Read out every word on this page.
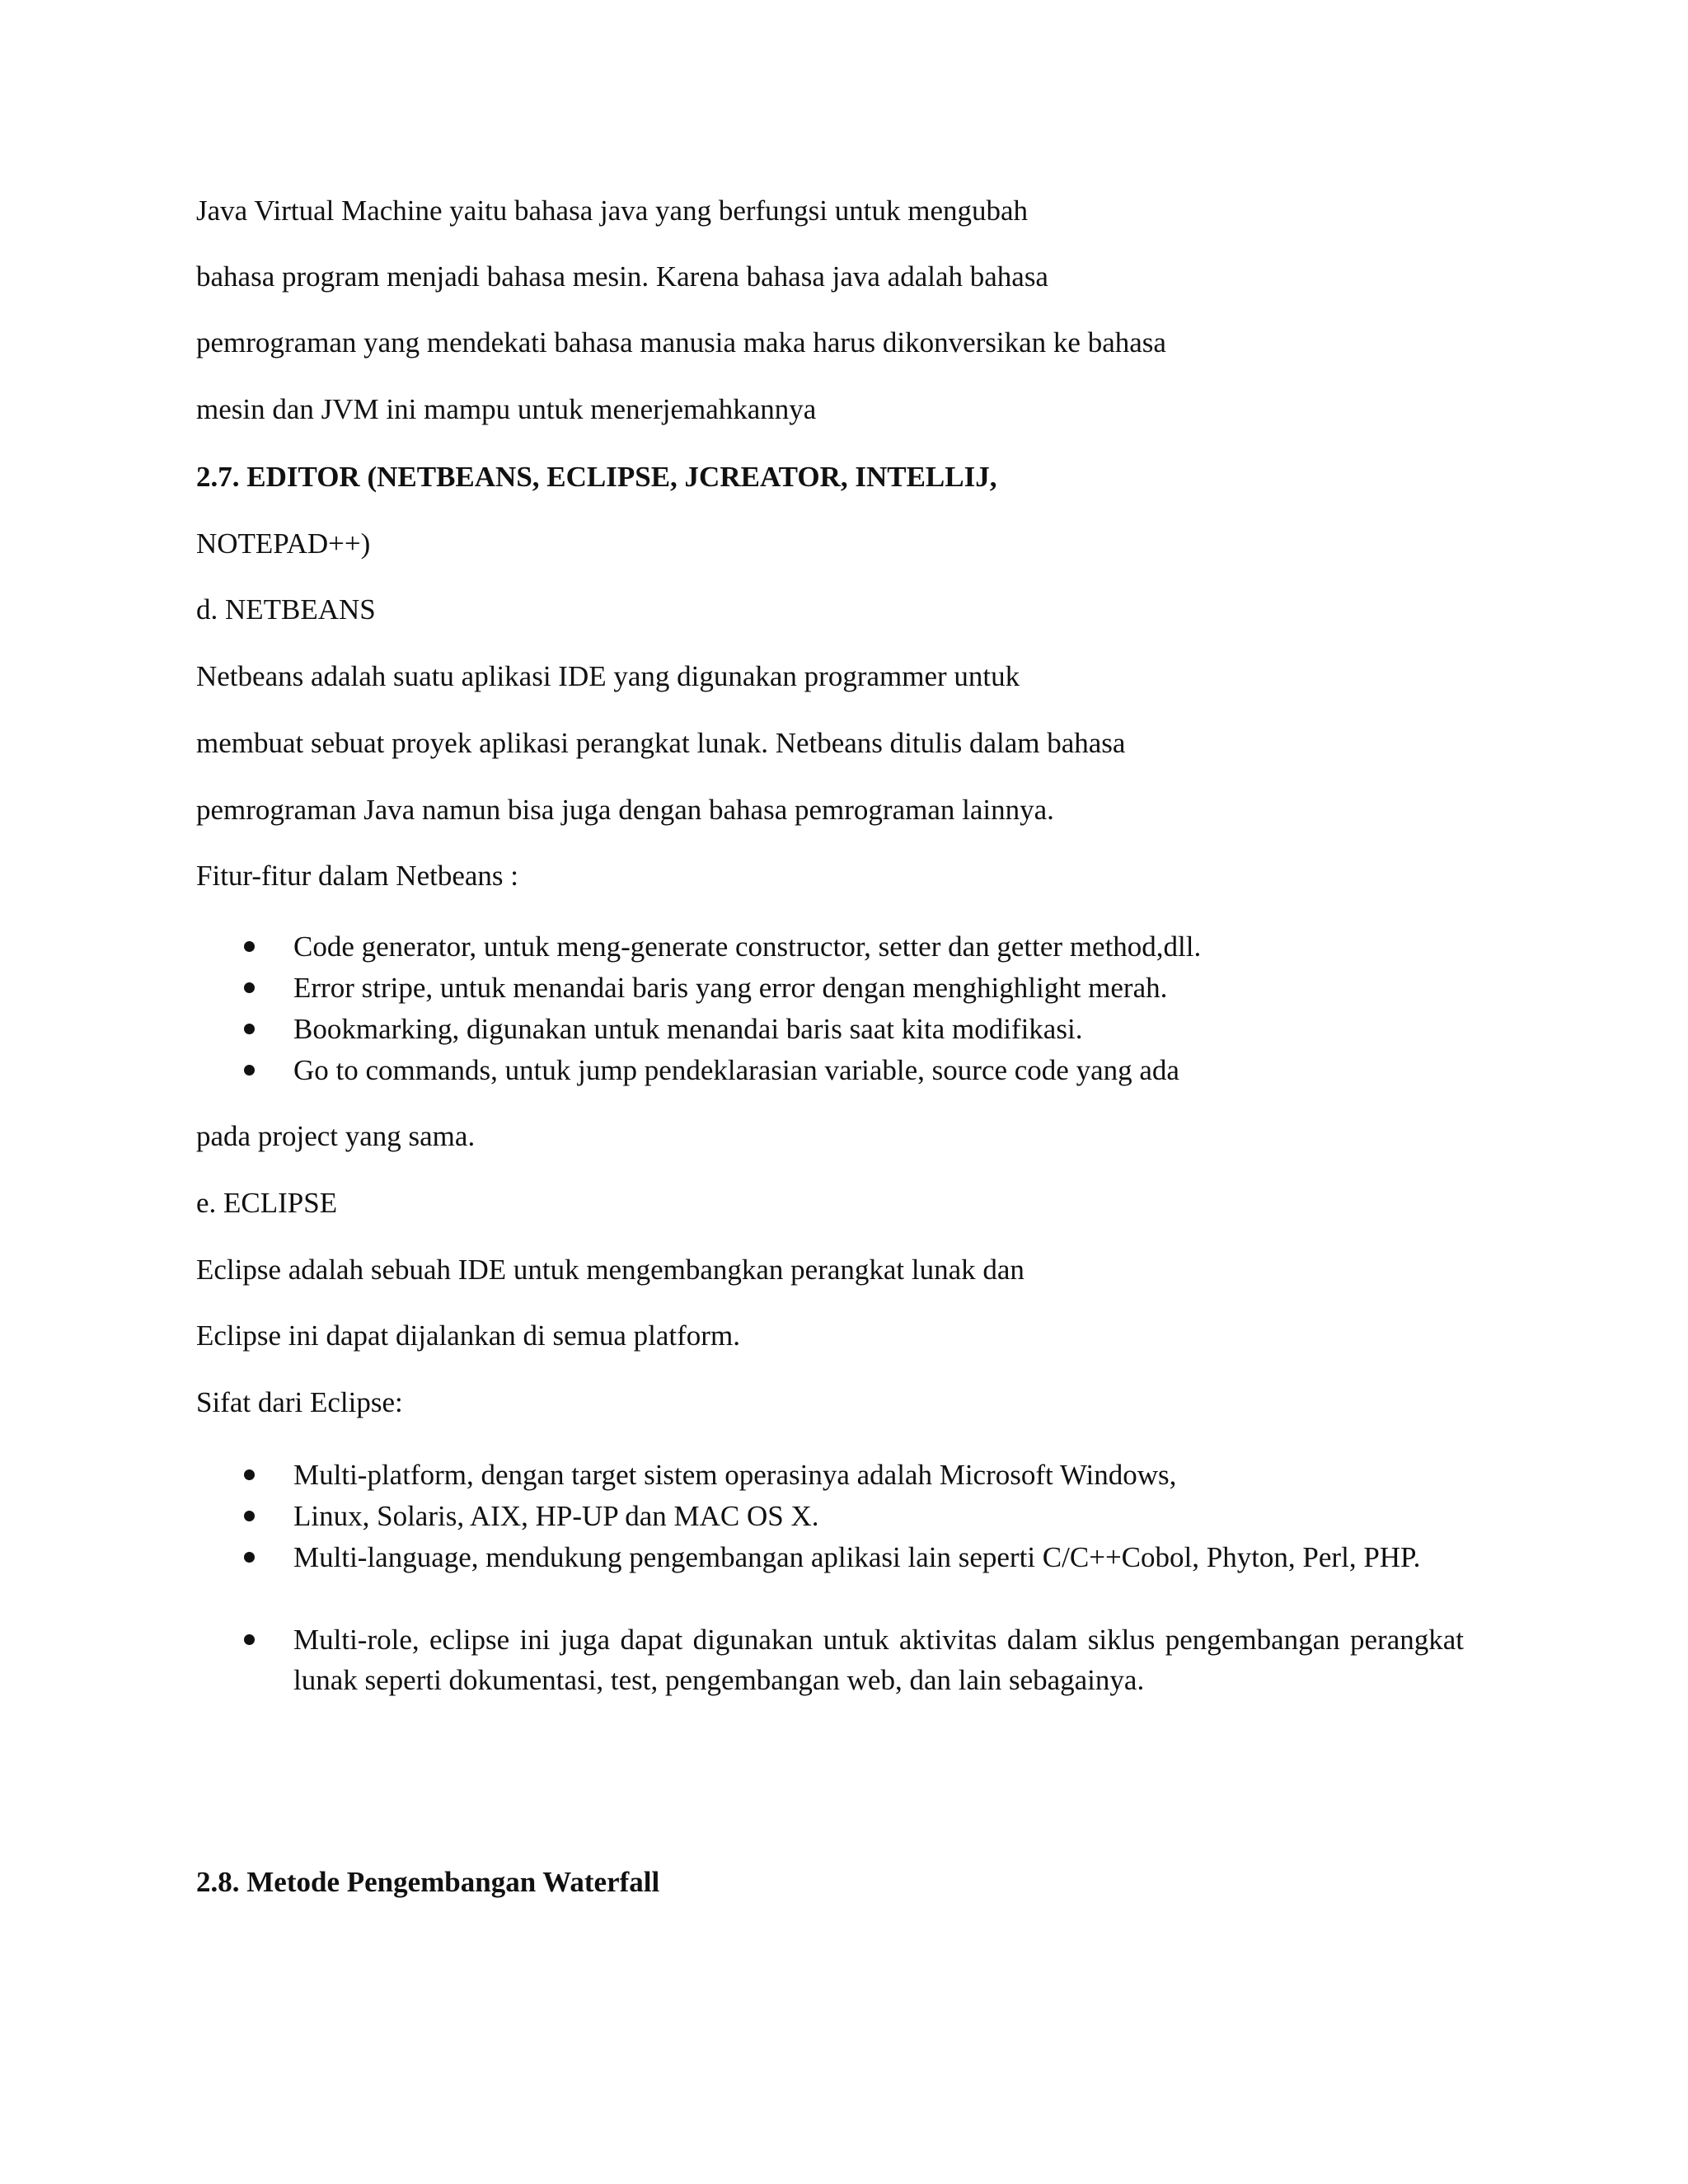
Java Virtual Machine yaitu bahasa java yang berfungsi untuk mengubah

bahasa program menjadi bahasa mesin. Karena bahasa java adalah bahasa

pemrograman yang mendekati bahasa manusia maka harus dikonversikan ke bahasa

mesin dan JVM ini mampu untuk menerjemahkannya

2.7. EDITOR (NETBEANS, ECLIPSE, JCREATOR, INTELLIJ,

NOTEPAD++)

d. NETBEANS

Netbeans adalah suatu aplikasi IDE yang digunakan programmer untuk

membuat sebuat proyek aplikasi perangkat lunak. Netbeans ditulis dalam bahasa

pemrograman Java namun bisa juga dengan bahasa pemrograman lainnya.

Fitur-fitur dalam Netbeans :

Code generator, untuk meng-generate constructor, setter dan getter method,dll.
Error stripe, untuk menandai baris yang error dengan menghighlight merah.
Bookmarking, digunakan untuk menandai baris saat kita modifikasi.
Go to commands, untuk jump pendeklarasian variable, source code yang ada

pada project yang sama.

e. ECLIPSE

Eclipse adalah sebuah IDE untuk mengembangkan perangkat lunak dan

Eclipse ini dapat dijalankan di semua platform.

Sifat dari Eclipse:

Multi-platform, dengan target sistem operasinya adalah Microsoft Windows,
Linux, Solaris, AIX, HP-UP dan MAC OS X.
Multi-language, mendukung pengembangan aplikasi lain seperti C/C++Cobol, Phyton, Perl, PHP.
Multi-role, eclipse ini juga dapat digunakan untuk aktivitas dalam siklus pengembangan perangkat lunak seperti dokumentasi, test, pengembangan web, dan lain sebagainya.

2.8. Metode Pengembangan Waterfall
